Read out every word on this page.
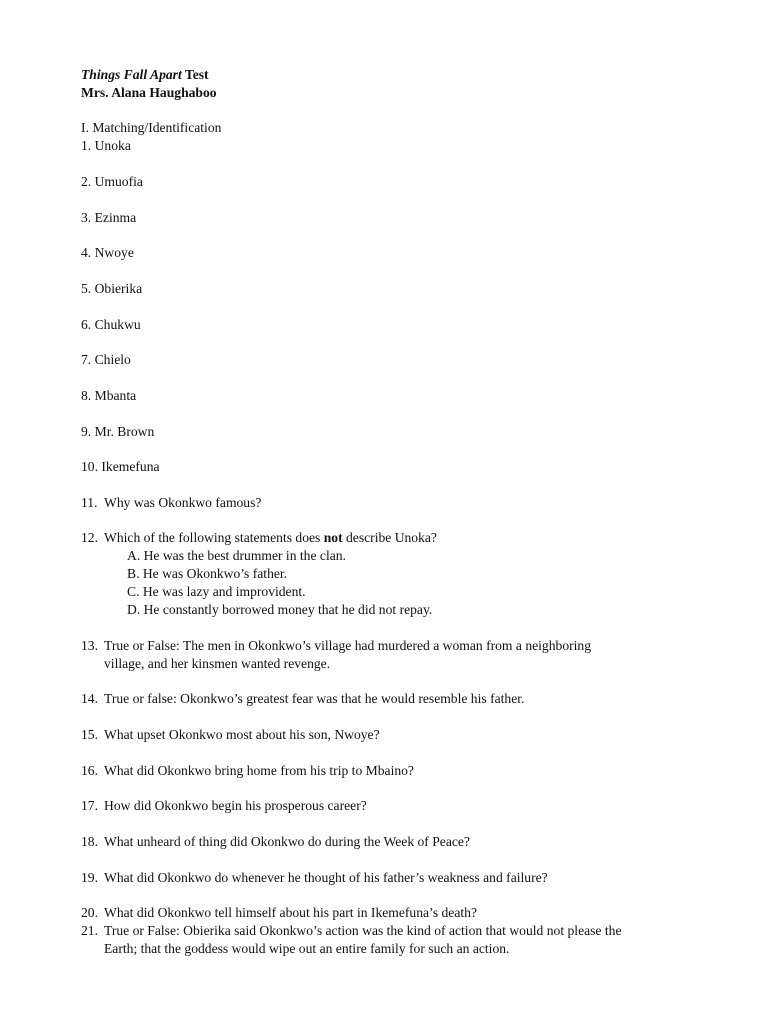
Things Fall Apart Test
Mrs. Alana Haughaboo
I. Matching/Identification
1. Unoka
2. Umuofia
3. Ezinma
4. Nwoye
5. Obierika
6. Chukwu
7. Chielo
8. Mbanta
9. Mr. Brown
10. Ikemefuna
11. Why was Okonkwo famous?
12. Which of the following statements does not describe Unoka?
A. He was the best drummer in the clan.
B. He was Okonkwo’s father.
C. He was lazy and improvident.
D. He constantly borrowed money that he did not repay.
13. True or False: The men in Okonkwo’s village had murdered a woman from a neighboring
village, and her kinsmen wanted revenge.
14. True or false: Okonkwo’s greatest fear was that he would resemble his father.
15. What upset Okonkwo most about his son, Nwoye?
16. What did Okonkwo bring home from his trip to Mbaino?
17. How did Okonkwo begin his prosperous career?
18. What unheard of thing did Okonkwo do during the Week of Peace?
19. What did Okonkwo do whenever he thought of his father’s weakness and failure?
20. What did Okonkwo tell himself about his part in Ikemefuna’s death?
21. True or False: Obierika said Okonkwo’s action was the kind of action that would not please the
Earth; that the goddess would wipe out an entire family for such an action.
